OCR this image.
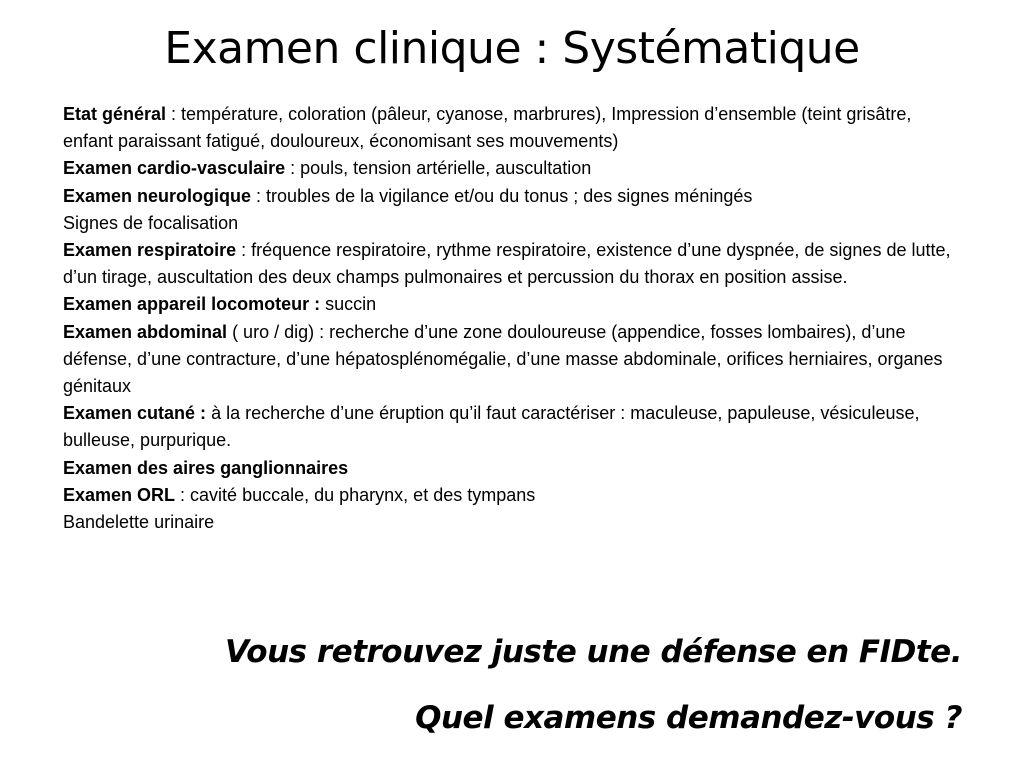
Examen clinique : Systématique

Etat général : température, coloration (pâleur, cyanose, marbrures), Impression d’ensemble (teint grisâtre, enfant paraissant fatigué, douloureux, économisant ses mouvements)

Examen cardio-vasculaire : pouls, tension artérielle, auscultation

Examen neurologique : troubles de la vigilance et/ou du tonus ; des signes méningés

Signes de focalisation

Examen respiratoire : fréquence respiratoire, rythme respiratoire, existence d’une dyspnée, de signes de lutte, d’un tirage, auscultation des deux champs pulmonaires et percussion du thorax en position assise.

Examen appareil locomoteur : succin

Examen abdominal ( uro / dig) : recherche d’une zone douloureuse (appendice, fosses lombaires), d’une défense, d’une contracture, d’une hépatosplénomégalie, d’une masse abdominale, orifices herniaires, organes génitaux

Examen cutané : à la recherche d’une éruption qu’il faut caractériser : maculeuse, papuleuse, vésiculeuse, bulleuse, purpurique.

Examen des aires ganglionnaires

Examen ORL : cavité buccale, du pharynx, et des tympans

Bandelette urinaire

Vous retrouvez juste une défense en FIDte.
Quel examens demandez-vous ?
